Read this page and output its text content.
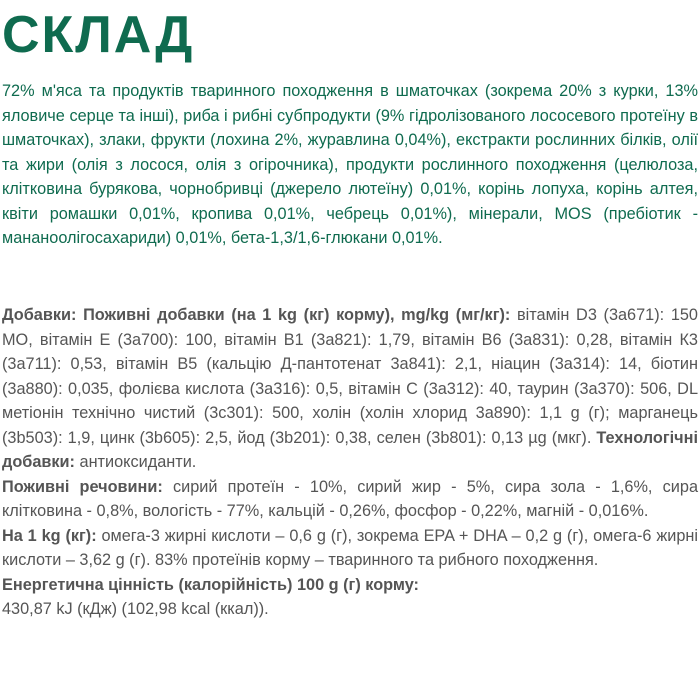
СКЛАД

72% м'яса та продуктів тваринного походження в шматочках (зокрема 20% з курки, 13% яловиче серце та інші), риба і рибні субпродукти (9% гідролізованого лососевого протеїну в шматочках), злаки, фрукти (лохина 2%, журавлина 0,04%), екстракти рослинних білків, олії та жири (олія з лосося, олія з огірочника), продукти рослинного походження (целюлоза, клітковина бурякова, чорнобривці (джерело лютеїну) 0,01%, корінь лопуха, корінь алтея, квіти ромашки 0,01%, кропива 0,01%, чебрець 0,01%), мінерали, MOS (пребіотик - мананоолігосахариди) 0,01%, бета-1,3/1,6-глюкани 0,01%.

Добавки: Поживні добавки (на 1 kg (кг) корму), mg/kg (мг/кг): вітамін D3 (3a671): 150 МО, вітамін Е (3a700): 100, вітамін В1 (3a821): 1,79, вітамін В6 (3a831): 0,28, вітамін К3 (3a711): 0,53, вітамін В5 (кальцію Д-пантотенат 3a841): 2,1, ніацин (3a314): 14, біотин (3a880): 0,035, фолієва кислота (3a316): 0,5, вітамін С (3a312): 40, таурин (3a370): 506, DL метіонін технічно чистий (3c301): 500, холін (холін хлорид 3a890): 1,1 g (г); марганець (3b503): 1,9, цинк (3b605): 2,5, йод (3b201): 0,38, селен (3b801): 0,13 µg (мкг). Технологічні добавки: антиоксиданти.

Поживні речовини: сирий протеїн - 10%, сирий жир - 5%, сира зола - 1,6%, сира клітковина - 0,8%, вологість - 77%, кальцій - 0,26%, фосфор - 0,22%, магній - 0,016%.

На 1 kg (кг): омега-3 жирні кислоти – 0,6 g (г), зокрема EPA + DHA – 0,2 g (г), омега-6 жирні кислоти – 3,62 g (г). 83% протеїнів корму – тваринного та рибного походження.

Енергетична цінність (калорійність) 100 g (г) корму:

430,87 kJ (кДж) (102,98 kcal (ккал)).
